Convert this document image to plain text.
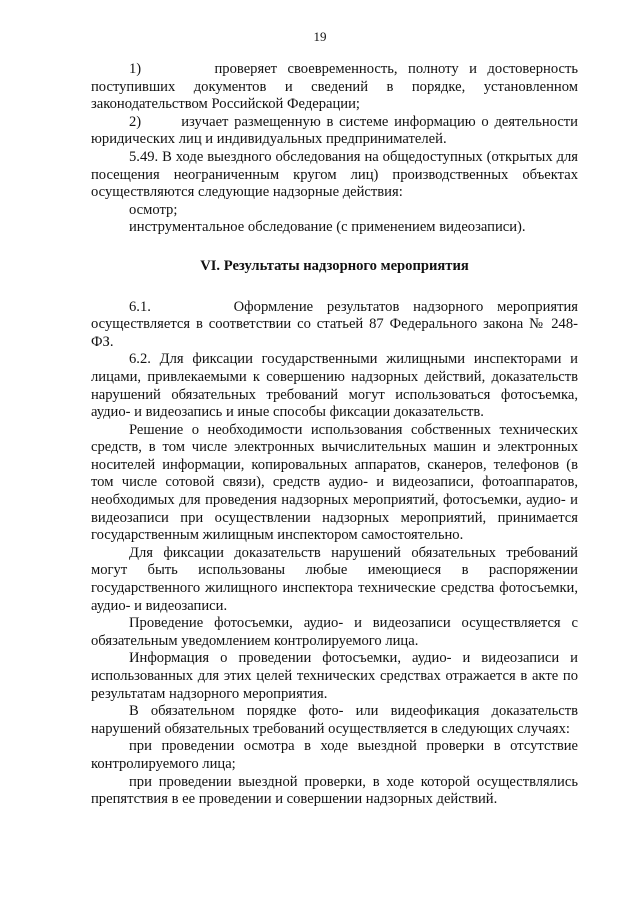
19

1)       проверяет своевременность, полноту и достоверность поступивших документов и сведений в порядке, установленном законодательством Российской Федерации;

2)       изучает размещенную в системе информацию о деятельности юридических лиц и индивидуальных предпринимателей.

5.49. В ходе выездного обследования на общедоступных (открытых для посещения неограниченным кругом лиц) производственных объектах осуществляются следующие надзорные действия:

осмотр;

инструментальное обследование (с применением видеозаписи).

VI. Результаты надзорного мероприятия

6.1.      Оформление результатов надзорного мероприятия осуществляется в соответствии со статьей 87 Федерального закона № 248-ФЗ.

6.2. Для фиксации государственными жилищными инспекторами и лицами, привлекаемыми к совершению надзорных действий, доказательств нарушений обязательных требований могут использоваться фотосъемка, аудио- и видеозапись и иные способы фиксации доказательств.

Решение о необходимости использования собственных технических средств, в том числе электронных вычислительных машин и электронных носителей информации, копировальных аппаратов, сканеров, телефонов (в том числе сотовой связи), средств аудио- и видеозаписи, фотоаппаратов, необходимых для проведения надзорных мероприятий, фотосъемки, аудио- и видеозаписи при осуществлении надзорных мероприятий, принимается государственным жилищным инспектором самостоятельно.

Для фиксации доказательств нарушений обязательных требований могут быть использованы любые имеющиеся в распоряжении государственного жилищного инспектора технические средства фотосъемки, аудио- и видеозаписи.

Проведение фотосъемки, аудио- и видеозаписи осуществляется с обязательным уведомлением контролируемого лица.

Информация о проведении фотосъемки, аудио- и видеозаписи и использованных для этих целей технических средствах отражается в акте по результатам надзорного мероприятия.

В обязательном порядке фото- или видеофикация доказательств нарушений обязательных требований осуществляется в следующих случаях:

при проведении осмотра в ходе выездной проверки в отсутствие контролируемого лица;

при проведении выездной проверки, в ходе которой осуществлялись препятствия в ее проведении и совершении надзорных действий.
